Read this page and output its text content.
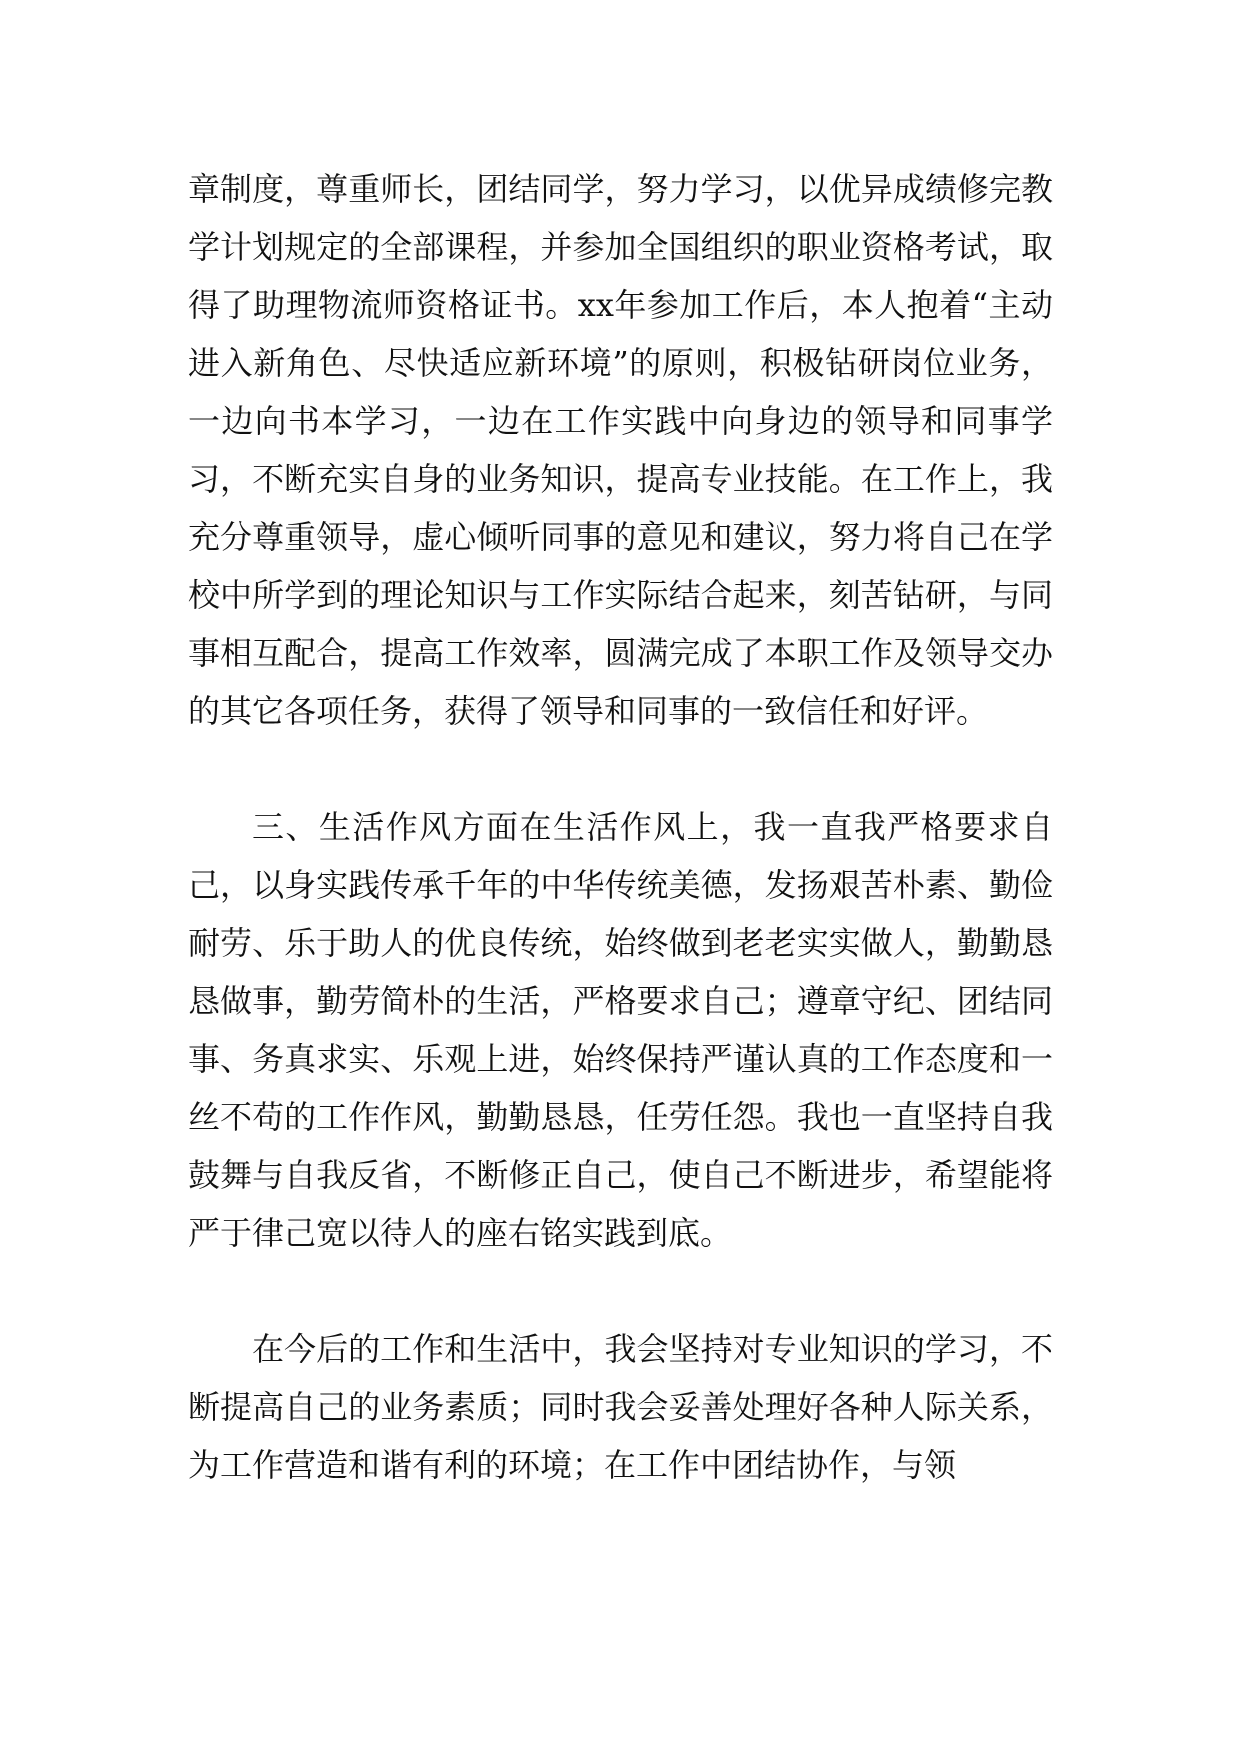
章制度，尊重师长，团结同学，努力学习，以优异成绩修完教学计划规定的全部课程，并参加全国组织的职业资格考试，取得了助理物流师资格证书。xx年参加工作后，本人抱着“主动进入新角色、尽快适应新环境”的原则，积极钻研岗位业务，一边向书本学习，一边在工作实践中向身边的领导和同事学习，不断充实自身的业务知识，提高专业技能。在工作上，我充分尊重领导，虚心倾听同事的意见和建议，努力将自己在学校中所学到的理论知识与工作实际结合起来，刻苦钻研，与同事相互配合，提高工作效率，圆满完成了本职工作及领导交办的其它各项任务，获得了领导和同事的一致信任和好评。

三、生活作风方面在生活作风上，我一直我严格要求自己，以身实践传承千年的中华传统美德，发扬艰苦朴素、勤俭耐劳、乐于助人的优良传统，始终做到老老实实做人，勤勤恳恳做事，勤劳简朴的生活，严格要求自己；遵章守纪、团结同事、务真求实、乐观上进，始终保持严谨认真的工作态度和一丝不苟的工作作风，勤勤恳恳，任劳任怨。我也一直坚持自我鼓舞与自我反省，不断修正自己，使自己不断进步，希望能将严于律己宽以待人的座右铭实践到底。

在今后的工作和生活中，我会坚持对专业知识的学习，不断提高自己的业务素质；同时我会妥善处理好各种人际关系，为工作营造和谐有利的环境；在工作中团结协作，与领
